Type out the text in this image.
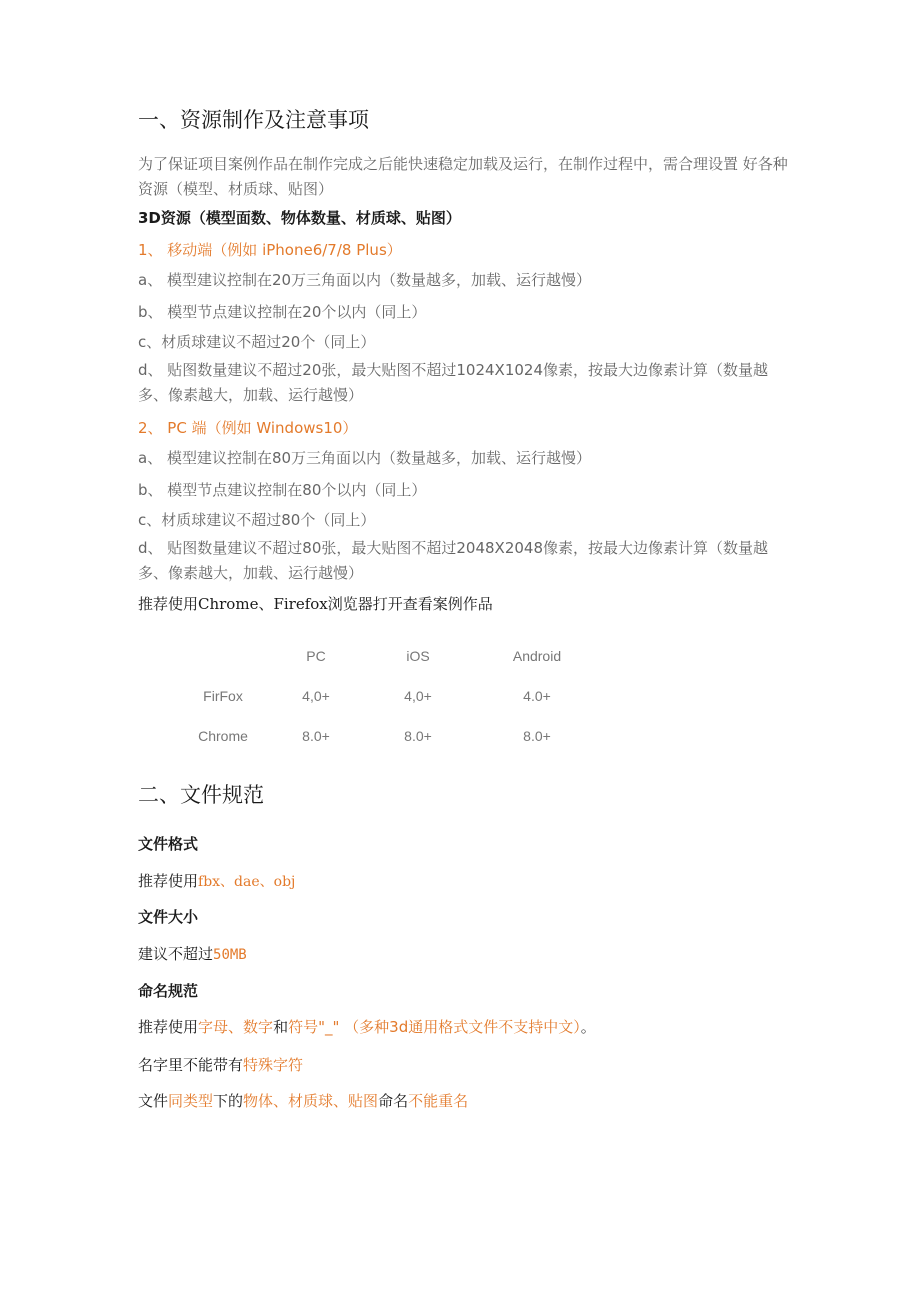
一、资源制作及注意事项
为了保证项目案例作品在制作完成之后能快速稳定加载及运行，在制作过程中，需合理设置 好各种资源（模型、材质球、贴图）
3D资源（模型面数、物体数量、材质球、贴图）
1、 移动端（例如 iPhone6/7/8 Plus）
a、 模型建议控制在20万三角面以内（数量越多，加载、运行越慢）
b、 模型节点建议控制在20个以内（同上）
c、材质球建议不超过20个（同上）
d、 贴图数量建议不超过20张，最大贴图不超过1024X1024像素，按最大边像素计算（数量越多、像素越大，加载、运行越慢）
2、 PC 端（例如 Windows10）
a、 模型建议控制在80万三角面以内（数量越多，加载、运行越慢）
b、 模型节点建议控制在80个以内（同上）
c、材质球建议不超过80个（同上）
d、 贴图数量建议不超过80张，最大贴图不超过2048X2048像素，按最大边像素计算（数量越多、像素越大，加载、运行越慢）
推荐使用Chrome、Firefox浏览器打开查看案例作品
	PC	iOS	Android
FirFox	4,0+	4,0+	4.0+
Chrome	8.0+	8.0+	8.0+
二、文件规范
文件格式
推荐使用fbx、dae、obj
文件大小
建议不超过50MB
命名规范
推荐使用字母、数字和符号"_" （多种3d通用格式文件不支持中文）。
名字里不能带有特殊字符
文件同类型下的物体、材质球、贴图命名不能重名
